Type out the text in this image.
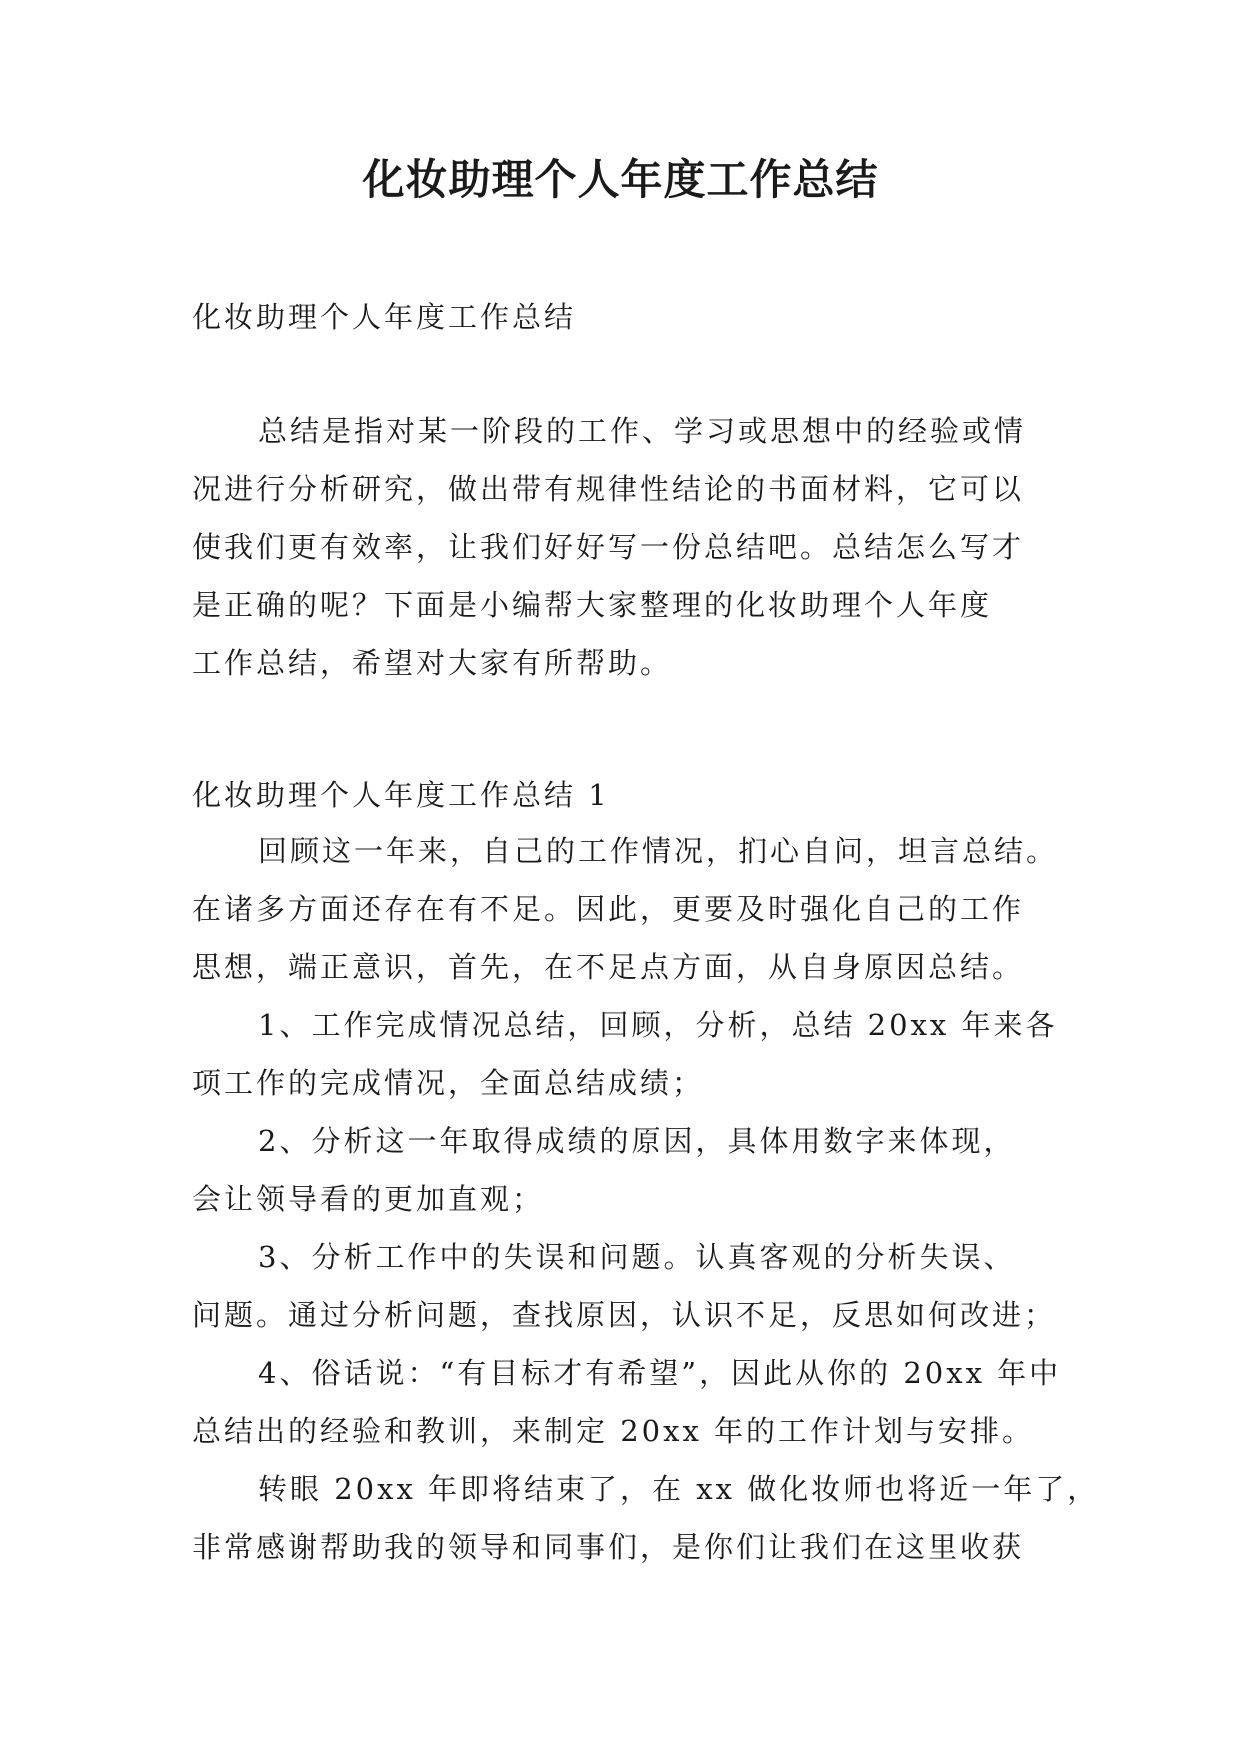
化妆助理个人年度工作总结
化妆助理个人年度工作总结
总结是指对某一阶段的工作、学习或思想中的经验或情
况进行分析研究，做出带有规律性结论的书面材料，它可以
使我们更有效率，让我们好好写一份总结吧。总结怎么写才
是正确的呢？下面是小编帮大家整理的化妆助理个人年度
工作总结，希望对大家有所帮助。
化妆助理个人年度工作总结 1
回顾这一年来，自己的工作情况，扪心自问，坦言总结。
在诸多方面还存在有不足。因此，更要及时强化自己的工作
思想，端正意识，首先，在不足点方面，从自身原因总结。
1、工作完成情况总结，回顾，分析，总结 20xx 年来各
项工作的完成情况，全面总结成绩；
2、分析这一年取得成绩的原因，具体用数字来体现，
会让领导看的更加直观；
3、分析工作中的失误和问题。认真客观的分析失误、
问题。通过分析问题，查找原因，认识不足，反思如何改进；
4、俗话说：“有目标才有希望”，因此从你的 20xx 年中
总结出的经验和教训，来制定 20xx 年的工作计划与安排。
转眼 20xx 年即将结束了，在 xx 做化妆师也将近一年了，
非常感谢帮助我的领导和同事们，是你们让我们在这里收获
